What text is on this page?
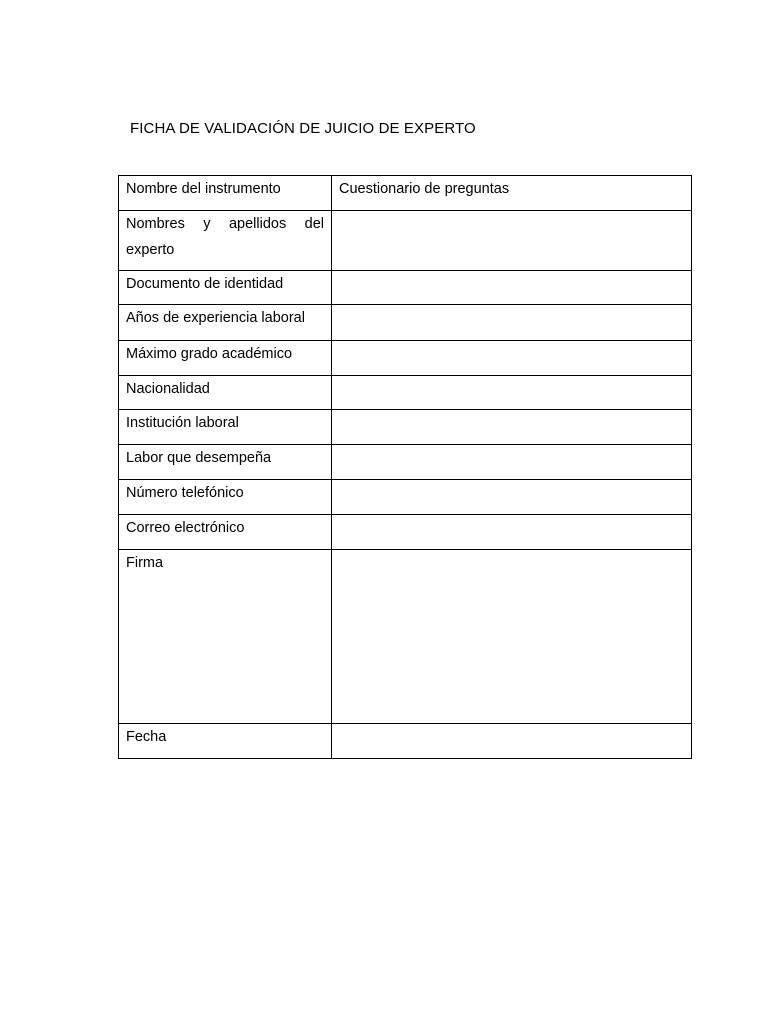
FICHA DE VALIDACIÓN DE JUICIO DE EXPERTO
Nombre del instrumento	Cuestionario de preguntas
Nombres y apellidos del experto	
Documento de identidad	
Años de experiencia laboral	
Máximo grado académico	
Nacionalidad	
Institución laboral	
Labor que desempeña	
Número telefónico	
Correo electrónico	
Firma	
Fecha	
